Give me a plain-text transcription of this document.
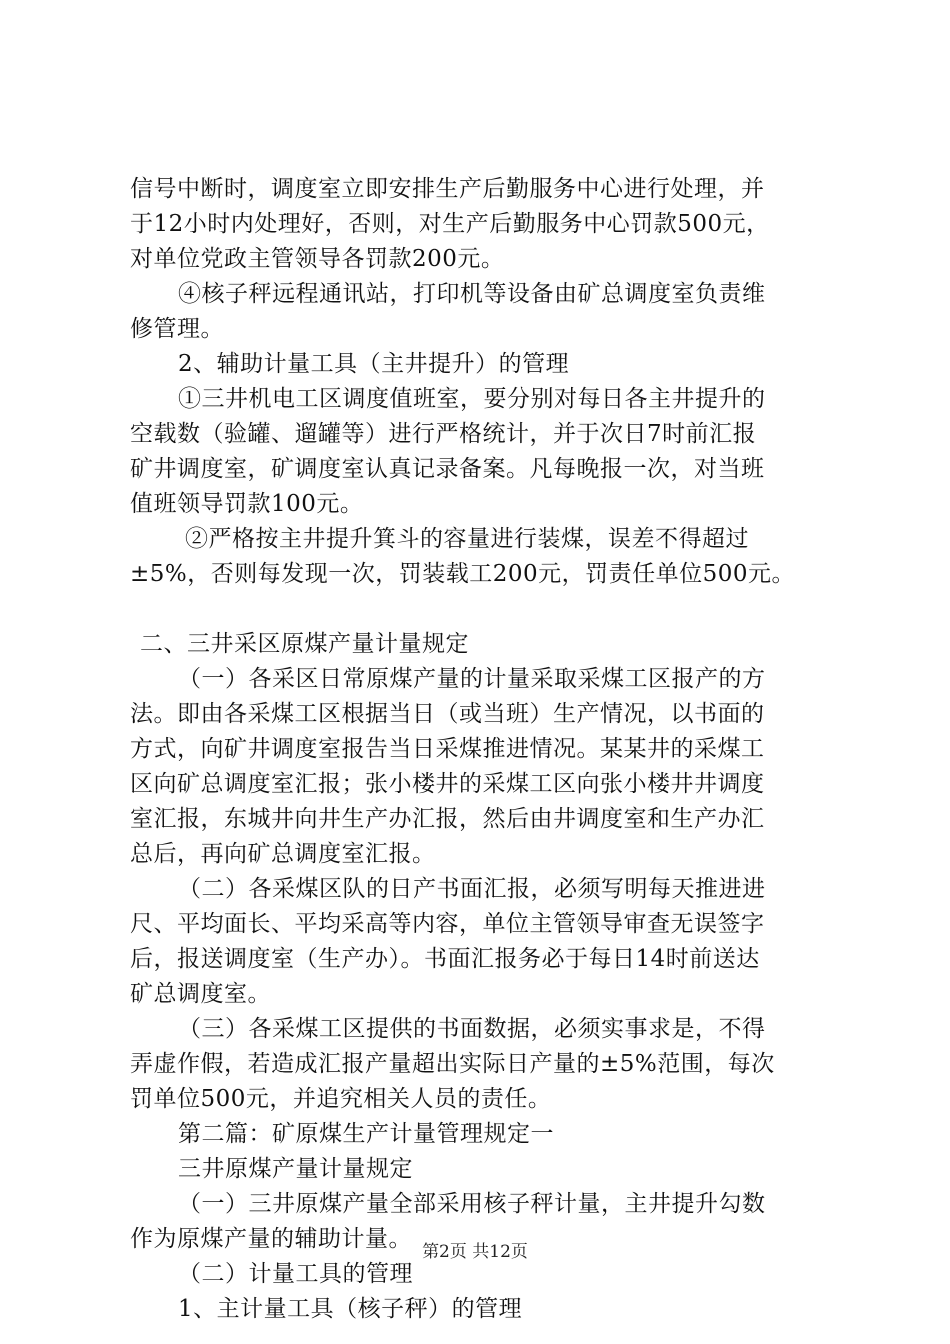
信号中断时，调度室立即安排生产后勤服务中心进行处理，并
于12小时内处理好，否则，对生产后勤服务中心罚款500元，
对单位党政主管领导各罚款200元。
④核子秤远程通讯站，打印机等设备由矿总调度室负责维
修管理。
2、辅助计量工具（主井提升）的管理
①三井机电工区调度值班室，要分别对每日各主井提升的
空载数（验罐、遛罐等）进行严格统计，并于次日7时前汇报
矿井调度室，矿调度室认真记录备案。凡每晚报一次，对当班
值班领导罚款100元。
②严格按主井提升箕斗的容量进行装煤，误差不得超过
±5%，否则每发现一次，罚装载工200元，罚责任单位500元。
二、三井采区原煤产量计量规定
（一）各采区日常原煤产量的计量采取采煤工区报产的方
法。即由各采煤工区根据当日（或当班）生产情况，以书面的
方式，向矿井调度室报告当日采煤推进情况。某某井的采煤工
区向矿总调度室汇报；张小楼井的采煤工区向张小楼井井调度
室汇报，东城井向井生产办汇报，然后由井调度室和生产办汇
总后，再向矿总调度室汇报。
（二）各采煤区队的日产书面汇报，必须写明每天推进进
尺、平均面长、平均采高等内容，单位主管领导审查无误签字
后，报送调度室（生产办）。书面汇报务必于每日14时前送达
矿总调度室。
（三）各采煤工区提供的书面数据，必须实事求是，不得
弄虚作假，若造成汇报产量超出实际日产量的±5%范围，每次
罚单位500元，并追究相关人员的责任。
第二篇：矿原煤生产计量管理规定一
三井原煤产量计量规定
（一）三井原煤产量全部采用核子秤计量，主井提升勾数
作为原煤产量的辅助计量。
（二）计量工具的管理
1、主计量工具（核子秤）的管理
第2页 共12页
